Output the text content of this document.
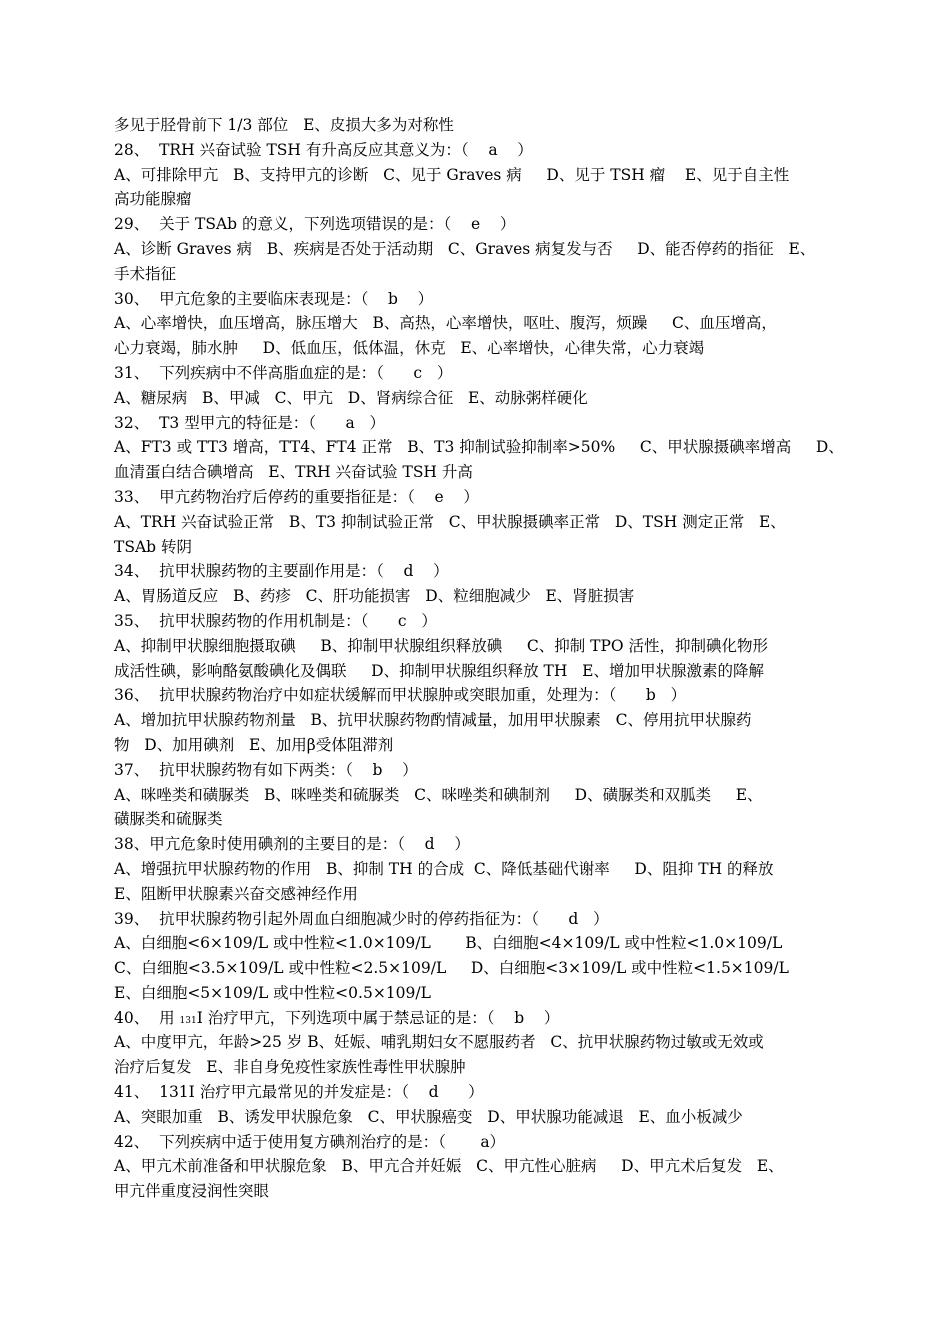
多见于胫骨前下 1/3 部位   E、皮损大多为对称性
28、  TRH 兴奋试验 TSH 有升高反应其意义为：（    a    ）
A、可排除甲亢   B、支持甲亢的诊断   C、见于 Graves 病     D、见于 TSH 瘤    E、见于自主性
高功能腺瘤
29、  关于 TSAb 的意义，下列选项错误的是：（    e    ）
A、诊断 Graves 病   B、疾病是否处于活动期   C、Graves 病复发与否     D、能否停药的指征   E、
手术指征
30、  甲亢危象的主要临床表现是：（    b    ）
A、心率增快，血压增高，脉压增大   B、高热，心率增快，呕吐、腹泻，烦躁     C、血压增高，
心力衰竭，肺水肿     D、低血压，低体温，休克   E、心率增快，心律失常，心力衰竭
31、  下列疾病中不伴高脂血症的是：（      c   ）
A、糖尿病   B、甲减   C、甲亢   D、肾病综合征   E、动脉粥样硬化
32、  T3 型甲亢的特征是：（      a   ）
A、FT3 或 TT3 增高，TT4、FT4 正常   B、T3 抑制试验抑制率>50%     C、甲状腺摄碘率增高     D、
血清蛋白结合碘增高   E、TRH 兴奋试验 TSH 升高
33、  甲亢药物治疗后停药的重要指征是：（    e    ）
A、TRH 兴奋试验正常   B、T3 抑制试验正常   C、甲状腺摄碘率正常   D、TSH 测定正常   E、
TSAb 转阴
34、  抗甲状腺药物的主要副作用是：（    d    ）
A、胃肠道反应   B、药疹   C、肝功能损害   D、粒细胞减少   E、肾脏损害
35、  抗甲状腺药物的作用机制是：（      c   ）
A、抑制甲状腺细胞摄取碘     B、抑制甲状腺组织释放碘     C、抑制 TPO 活性，抑制碘化物形
成活性碘，影响酪氨酸碘化及偶联     D、抑制甲状腺组织释放 TH   E、增加甲状腺激素的降解
36、  抗甲状腺药物治疗中如症状缓解而甲状腺肿或突眼加重，处理为：（      b   ）
A、增加抗甲状腺药物剂量   B、抗甲状腺药物酌情减量，加用甲状腺素   C、停用抗甲状腺药
物   D、加用碘剂   E、加用β受体阻滞剂
37、  抗甲状腺药物有如下两类：（    b    ）
A、咪唑类和磺脲类   B、咪唑类和硫脲类   C、咪唑类和碘制剂     D、磺脲类和双胍类     E、
磺脲类和硫脲类
38、甲亢危象时使用碘剂的主要目的是：（    d    ）
A、增强抗甲状腺药物的作用   B、抑制 TH 的合成  C、降低基础代谢率     D、阻抑 TH 的释放
E、阻断甲状腺素兴奋交感神经作用
39、  抗甲状腺药物引起外周血白细胞减少时的停药指征为：（      d   ）
A、白细胞<6×109/L 或中性粒<1.0×109/L       B、白细胞<4×109/L 或中性粒<1.0×109/L
C、白细胞<3.5×109/L 或中性粒<2.5×109/L     D、白细胞<3×109/L 或中性粒<1.5×109/L
E、白细胞<5×109/L 或中性粒<0.5×109/L
40、  用 131I 治疗甲亢，下列选项中属于禁忌证的是：（    b    ）
A、中度甲亢，年龄>25 岁 B、妊娠、哺乳期妇女不愿服药者   C、抗甲状腺药物过敏或无效或
治疗后复发   E、非自身免疫性家族性毒性甲状腺肿
41、  131I 治疗甲亢最常见的并发症是：（    d      ）
A、突眼加重   B、诱发甲状腺危象   C、甲状腺癌变   D、甲状腺功能减退   E、血小板减少
42、  下列疾病中适于使用复方碘剂治疗的是：（       a）
A、甲亢术前准备和甲状腺危象   B、甲亢合并妊娠   C、甲亢性心脏病     D、甲亢术后复发   E、
甲亢伴重度浸润性突眼
